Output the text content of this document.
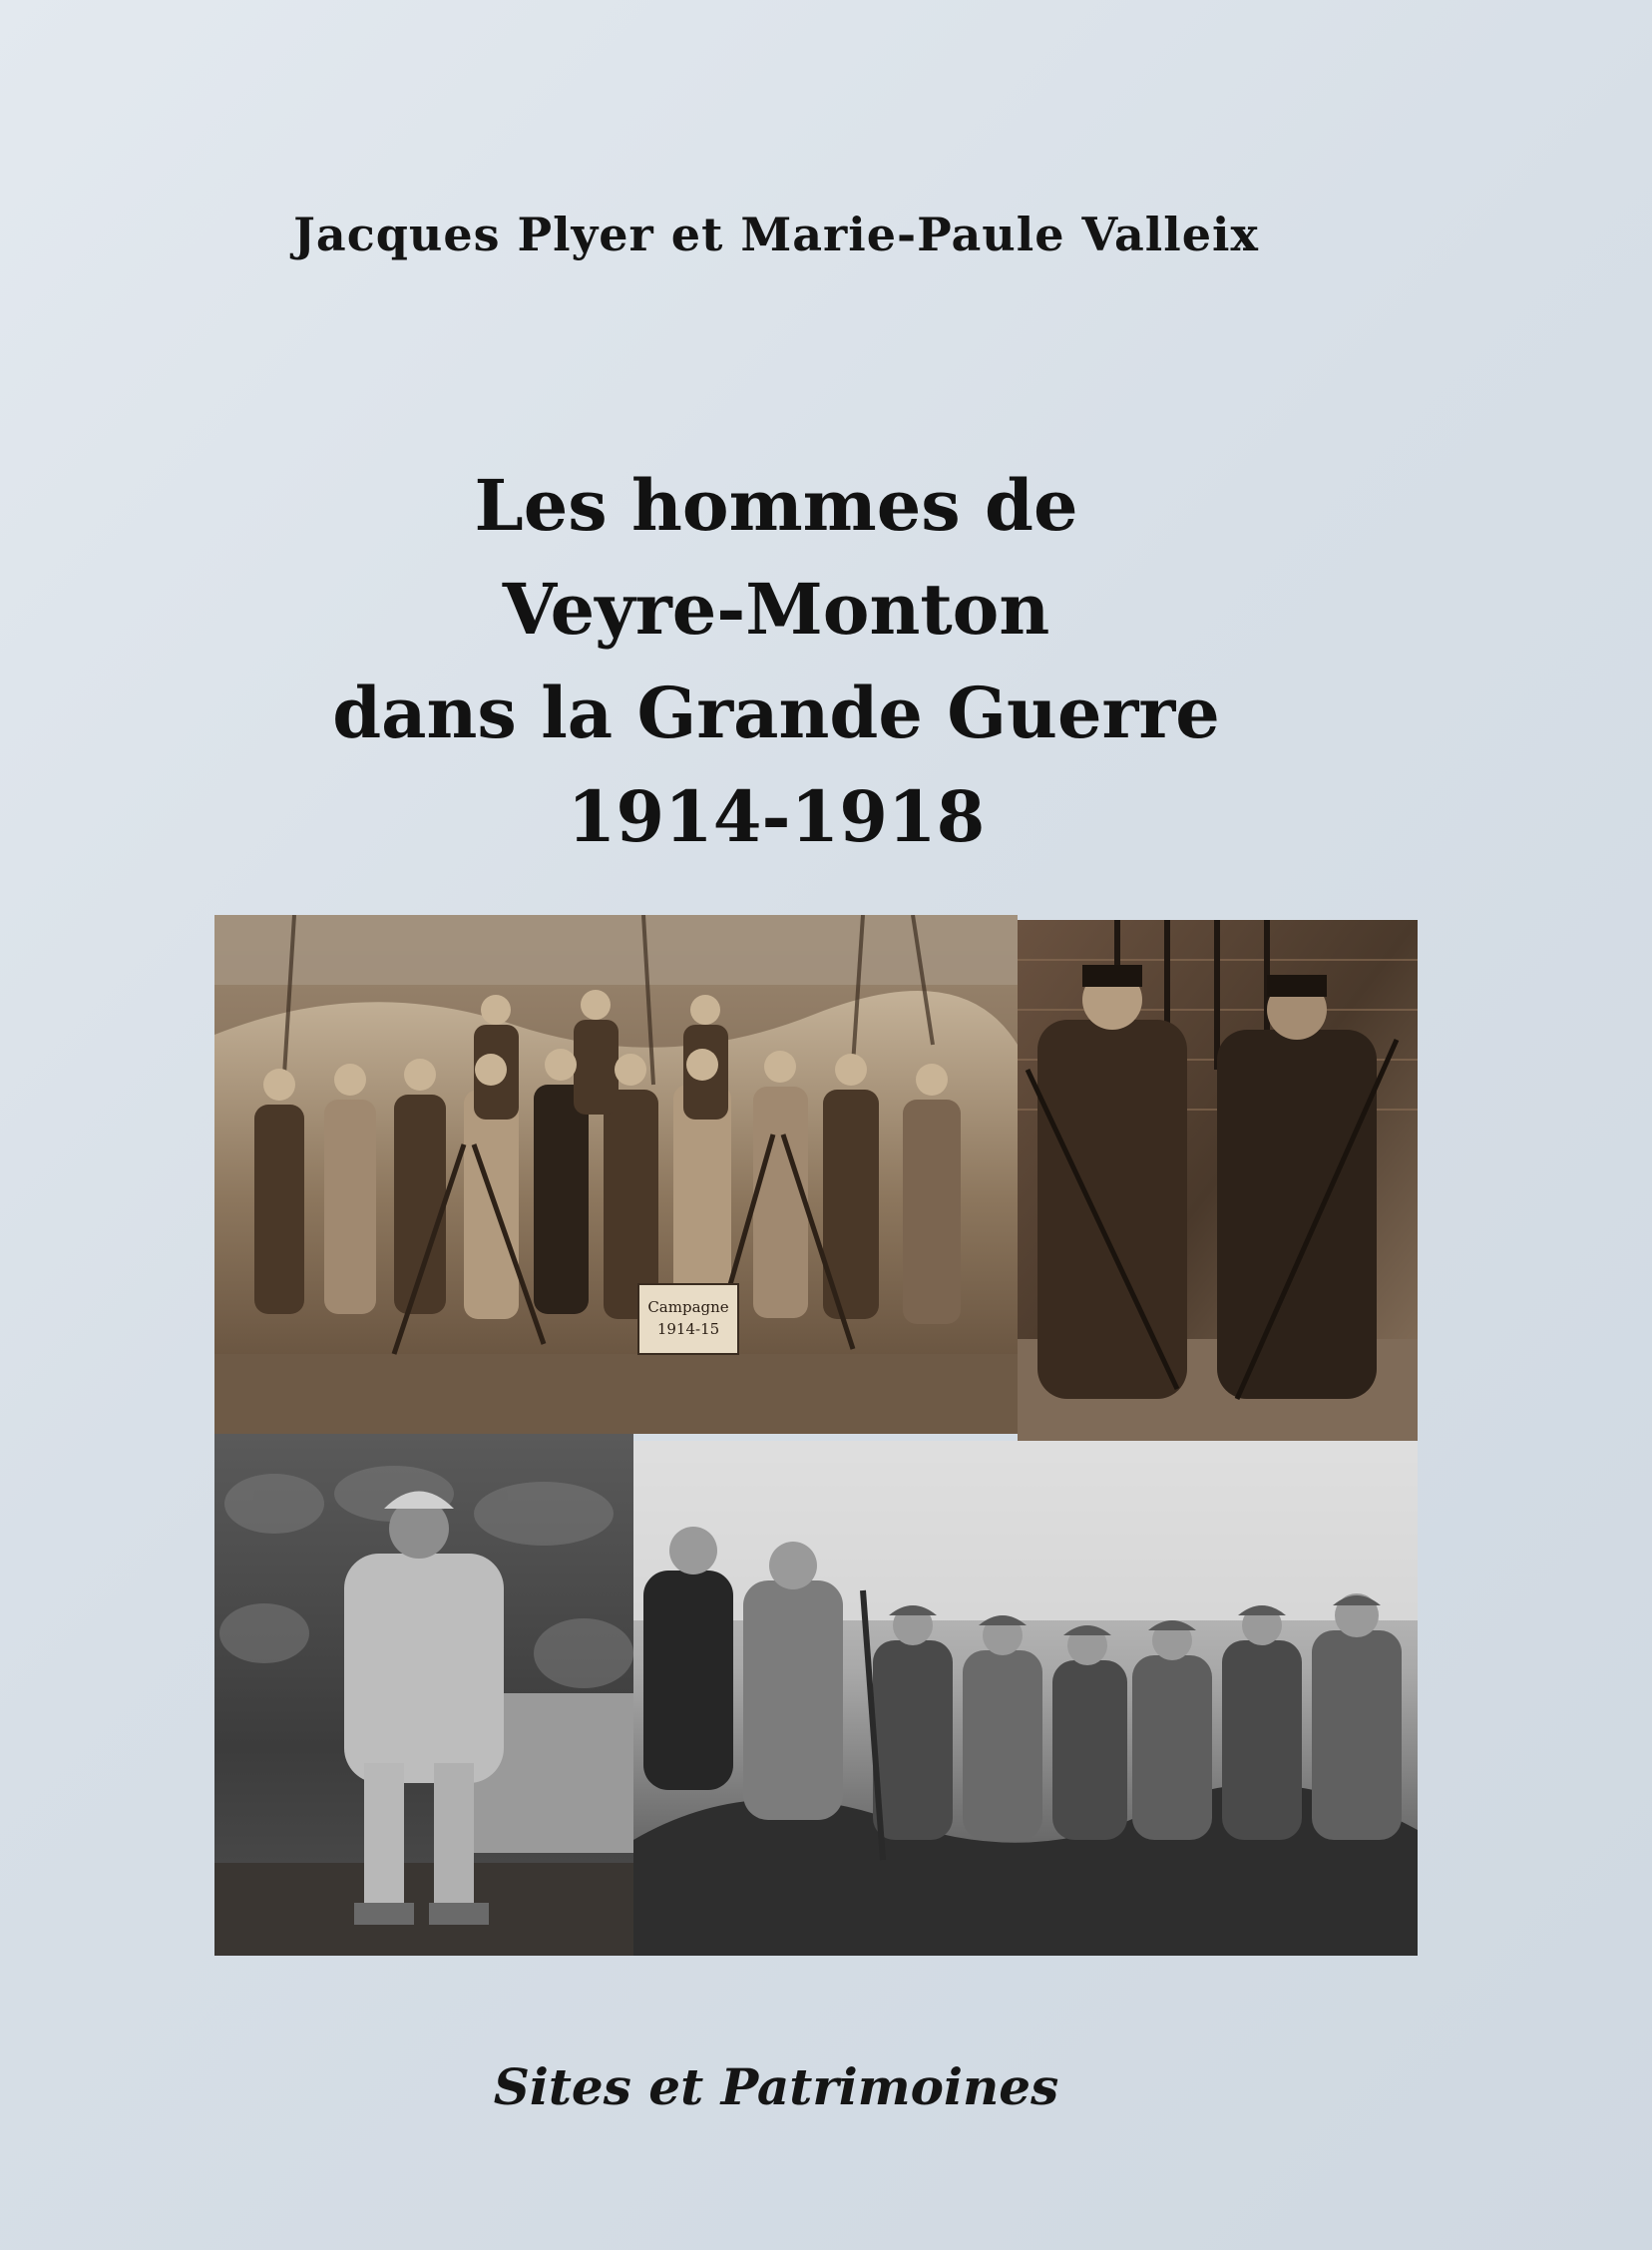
Jacques Plyer et Marie-Paule Valleix
Les hommes de
Veyre-Monton
dans la Grande Guerre
1914-1918
Campagne
1914-15
Sites et Patrimoines
